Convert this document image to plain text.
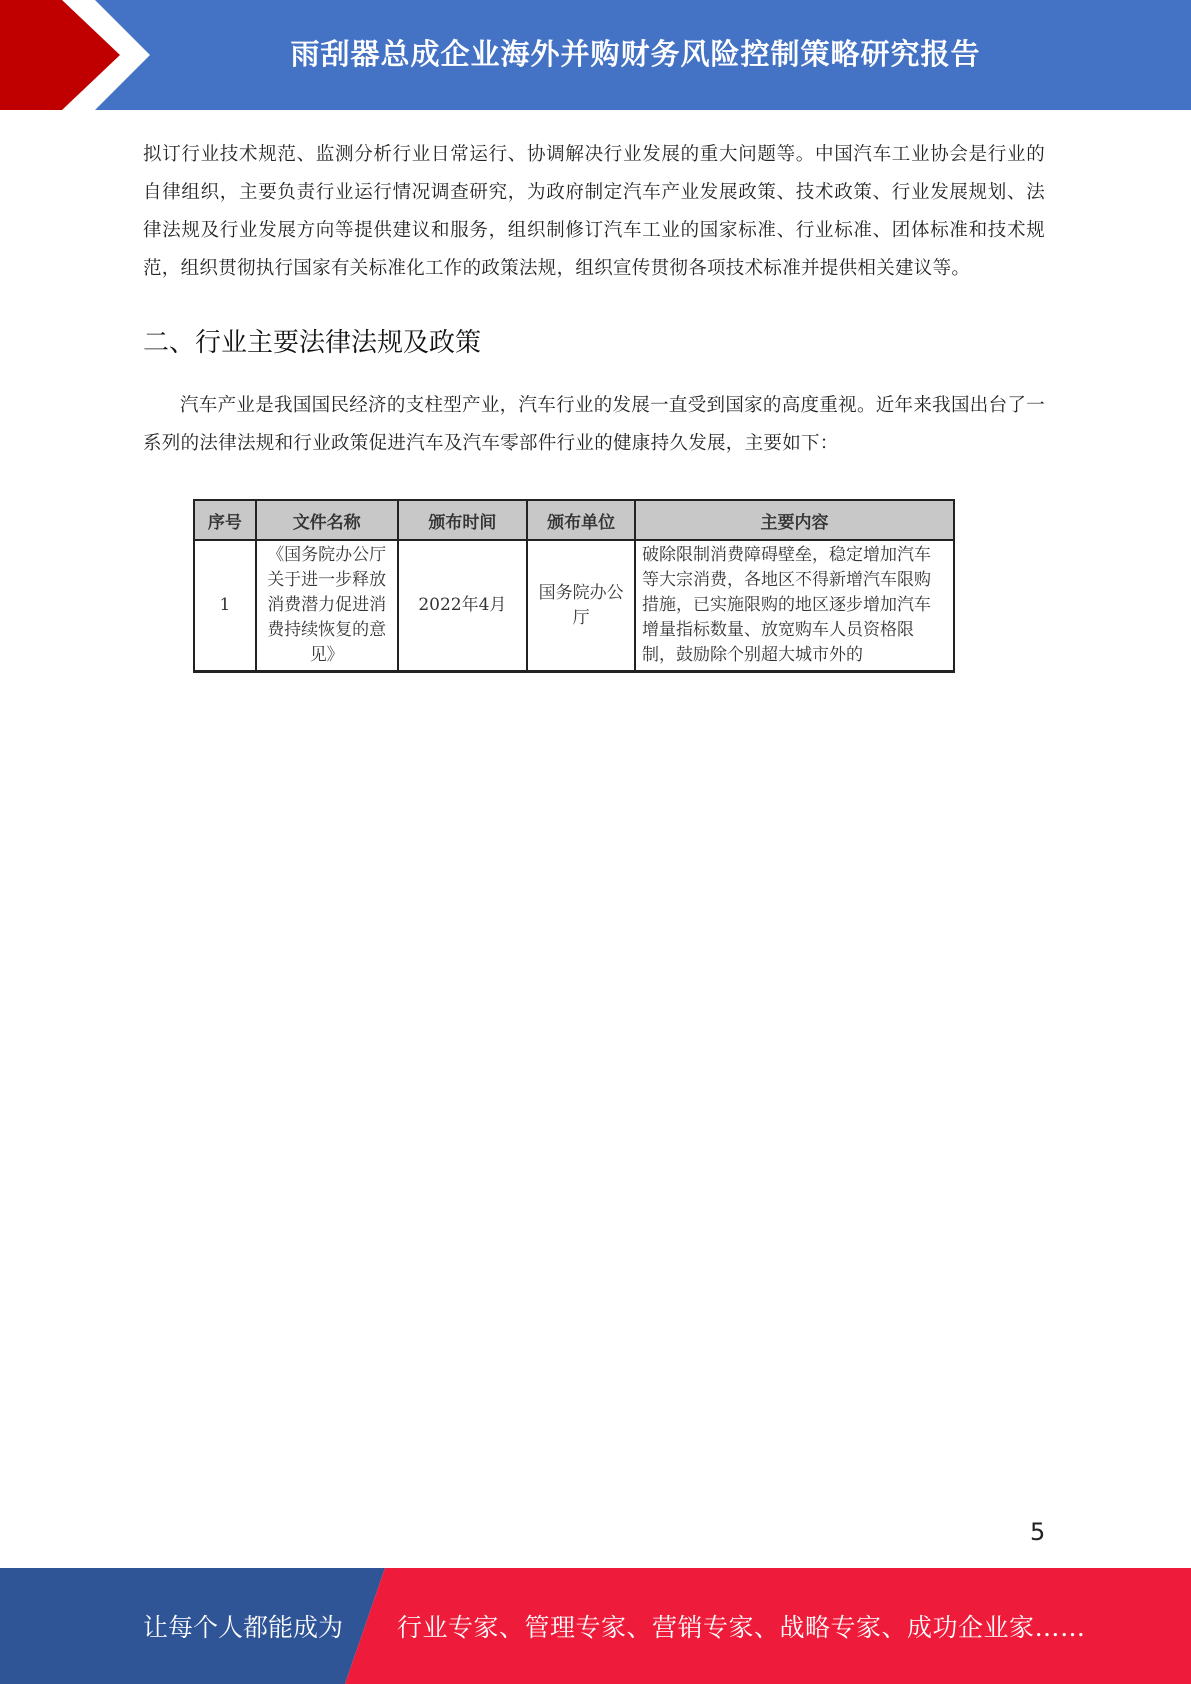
雨刮器总成企业海外并购财务风险控制策略研究报告

拟订行业技术规范、监测分析行业日常运行、协调解决行业发展的重大问题等。中国汽车工业协会是行业的自律组织，主要负责行业运行情况调查研究，为政府制定汽车产业发展政策、技术政策、行业发展规划、法律法规及行业发展方向等提供建议和服务，组织制修订汽车工业的国家标准、行业标准、团体标准和技术规范，组织贯彻执行国家有关标准化工作的政策法规，组织宣传贯彻各项技术标准并提供相关建议等。

二、行业主要法律法规及政策

汽车产业是我国国民经济的支柱型产业，汽车行业的发展一直受到国家的高度重视。近年来我国出台了一系列的法律法规和行业政策促进汽车及汽车零部件行业的健康持久发展，主要如下：

序号	文件名称	颁布时间	颁布单位	主要内容
1	《国务院办公厅关于进一步释放消费潜力促进消费持续恢复的意见》	2022年4月	国务院办公厅	破除限制消费障碍壁垒，稳定增加汽车等大宗消费，各地区不得新增汽车限购措施，已实施限购的地区逐步增加汽车增量指标数量、放宽购车人员资格限制，鼓励除个别超大城市外的
5
让每个人都能成为 行业专家、管理专家、营销专家、战略专家、成功企业家……
